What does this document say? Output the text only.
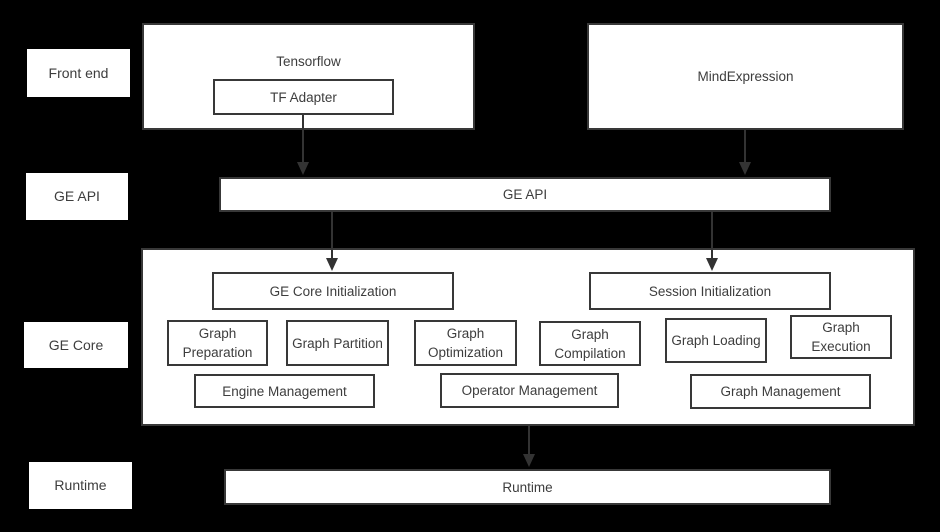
Front end
GE API
GE Core
Runtime
Tensorflow
TF Adapter
MindExpression
GE API
GE Core Initialization	Session Initialization
Graph Preparation
Graph Partition
Graph Optimization
Graph Compilation
Graph Loading
Graph Execution
Engine Management	Operator Management	Graph Management
Runtime
